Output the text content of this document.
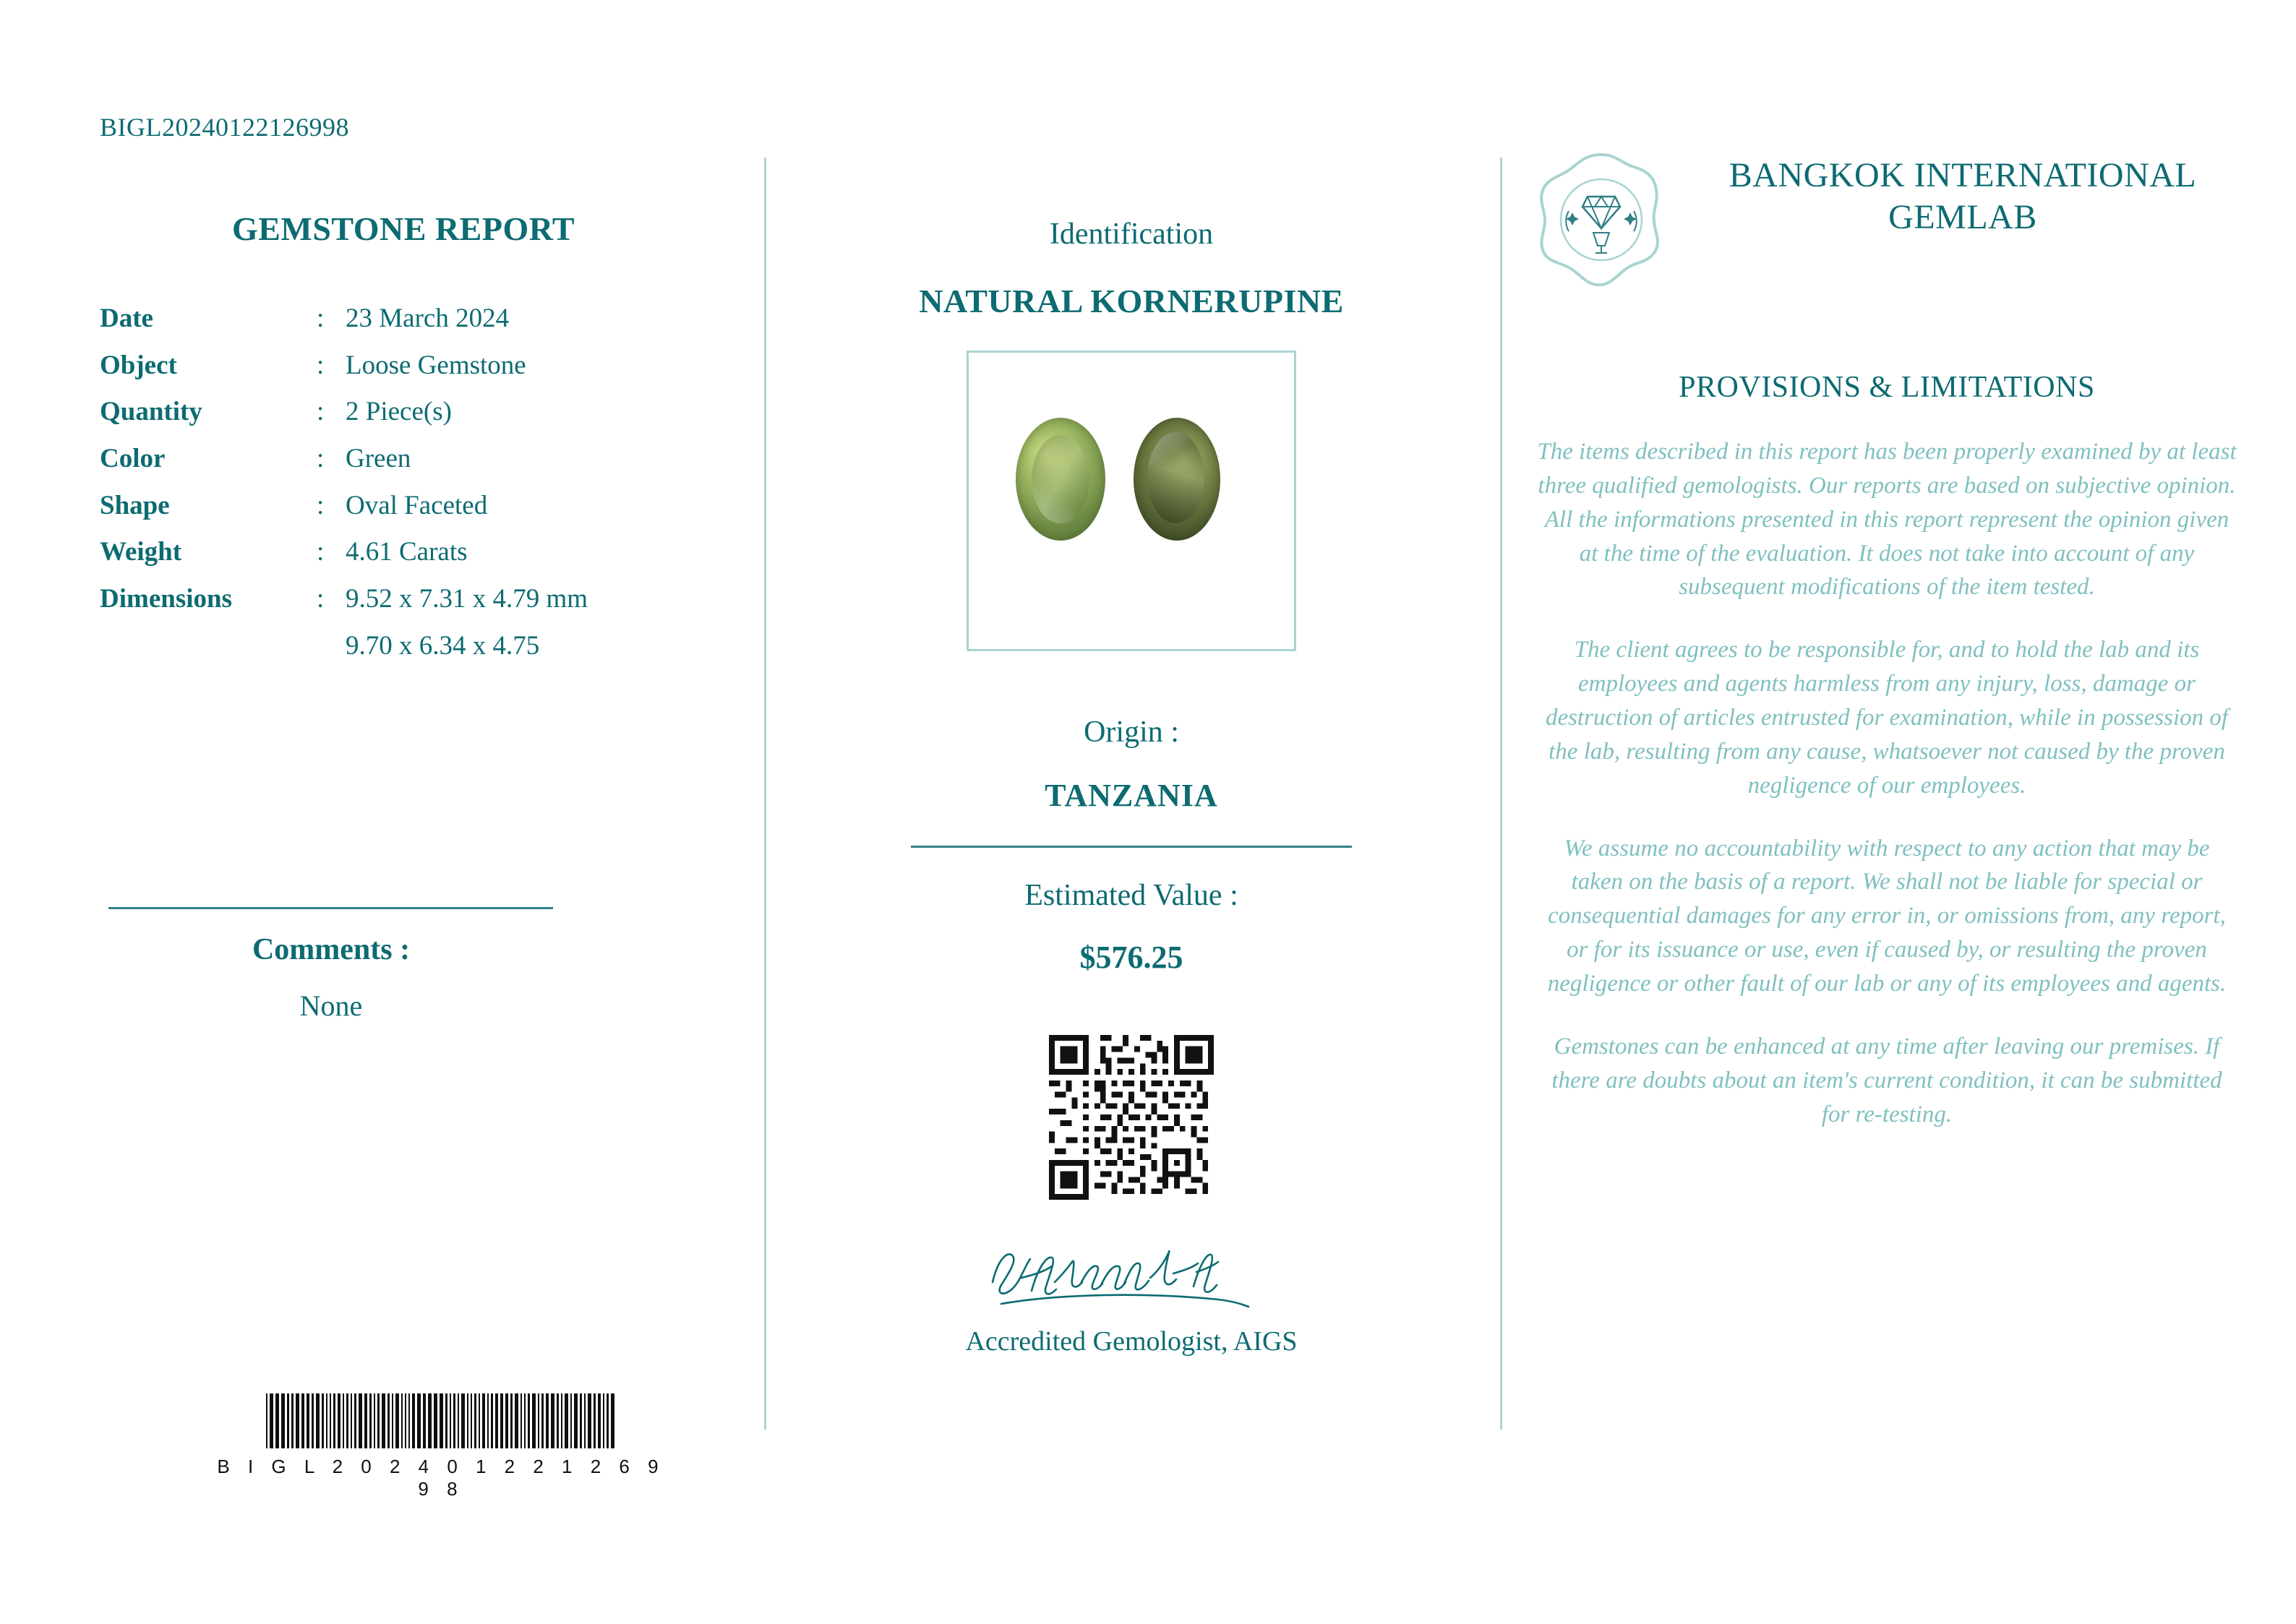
BIGL20240122126998
GEMSTONE REPORT
Date	:	23 March 2024
Object	:	Loose Gemstone
Quantity	:	2 Piece(s)
Color	:	Green
Shape	:	Oval Faceted
Weight	:	4.61 Carats
Dimensions	:	9.52 x 7.31 x 4.79 mm
		9.70 x 6.34 x 4.75
Comments :
None
B I G L 2 0 2 4 0 1 2 2 1 2 6 9 9 8
Identification
NATURAL KORNERUPINE
Origin :
TANZANIA
Estimated Value :
$576.25
Accredited Gemologist, AIGS
BANGKOK INTERNATIONAL GEMLAB
PROVISIONS & LIMITATIONS

The items described in this report has been properly examined by at least three qualified gemologists. Our reports are based on subjective opinion. All the informations presented in this report represent the opinion given at the time of the evaluation. It does not take into account of any subsequent modifications of the item tested.

The client agrees to be responsible for, and to hold the lab and its employees and agents harmless from any injury, loss, damage or destruction of articles entrusted for examination, while in possession of the lab, resulting from any cause, whatsoever not caused by the proven negligence of our employees.

We assume no accountability with respect to any action that may be taken on the basis of a report. We shall not be liable for special or consequential damages for any error in, or omissions from, any report, or for its issuance or use, even if caused by, or resulting the proven negligence or other fault of our lab or any of its employees and agents.

Gemstones can be enhanced at any time after leaving our premises. If there are doubts about an item's current condition, it can be submitted for re-testing.
